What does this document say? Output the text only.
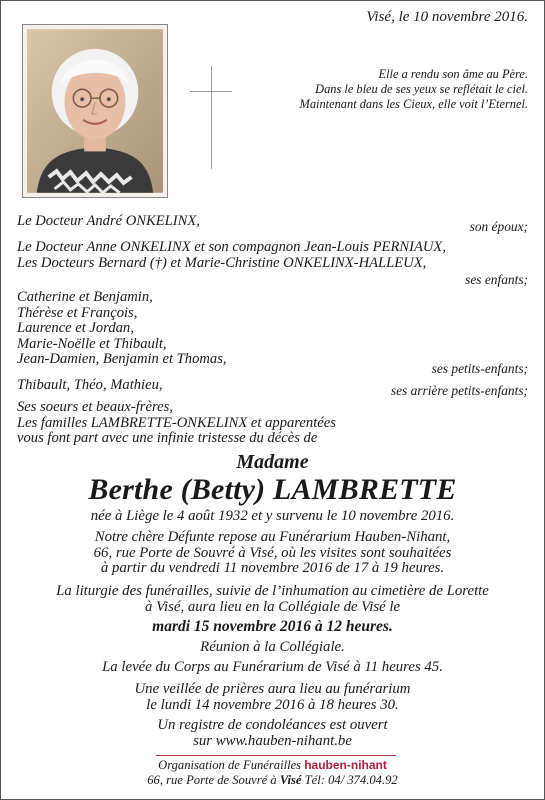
Visé, le 10 novembre 2016.
Elle a rendu son âme au Père.
Dans le bleu de ses yeux se reflétait le ciel.
Maintenant dans les Cieux, elle voit l’Eternel.
Le Docteur André ONKELINX,	son époux;
Le Docteur Anne ONKELINX et son compagnon Jean-Louis PERNIAUX,
Les Docteurs Bernard (†) et Marie-Christine ONKELINX-HALLEUX,
ses enfants;
Catherine et Benjamin,
Thérèse et François,
Laurence et Jordan,
Marie-Noëlle et Thibault,
Jean-Damien, Benjamin et Thomas,
ses petits-enfants;
Thibault, Théo, Mathieu,	ses arrière petits-enfants;
Ses soeurs et beaux-frères,
Les familles LAMBRETTE-ONKELINX et apparentées
vous font part avec une infinie tristesse du décès de
Madame
Berthe (Betty) LAMBRETTE
née à Liège le 4 août 1932 et y survenu le 10 novembre 2016.
Notre chère Défunte repose au Funérarium Hauben-Nihant,
66, rue Porte de Souvré à Visé, où les visites sont souhaitées
à partir du vendredi 11 novembre 2016 de 17 à 19 heures.
La liturgie des funérailles, suivie de l’inhumation au cimetière de Lorette
à Visé, aura lieu en la Collégiale de Visé le
mardi 15 novembre 2016 à 12 heures.
Réunion à la Collégiale.
La levée du Corps au Funérarium de Visé à 11 heures 45.
Une veillée de prières aura lieu au funérarium
le lundi 14 novembre 2016 à 18 heures 30.
Un registre de condoléances est ouvert
sur www.hauben-nihant.be
Organisation de Funérailles hauben-nihant
66, rue Porte de Souvré à Visé Tél: 04/ 374.04.92
